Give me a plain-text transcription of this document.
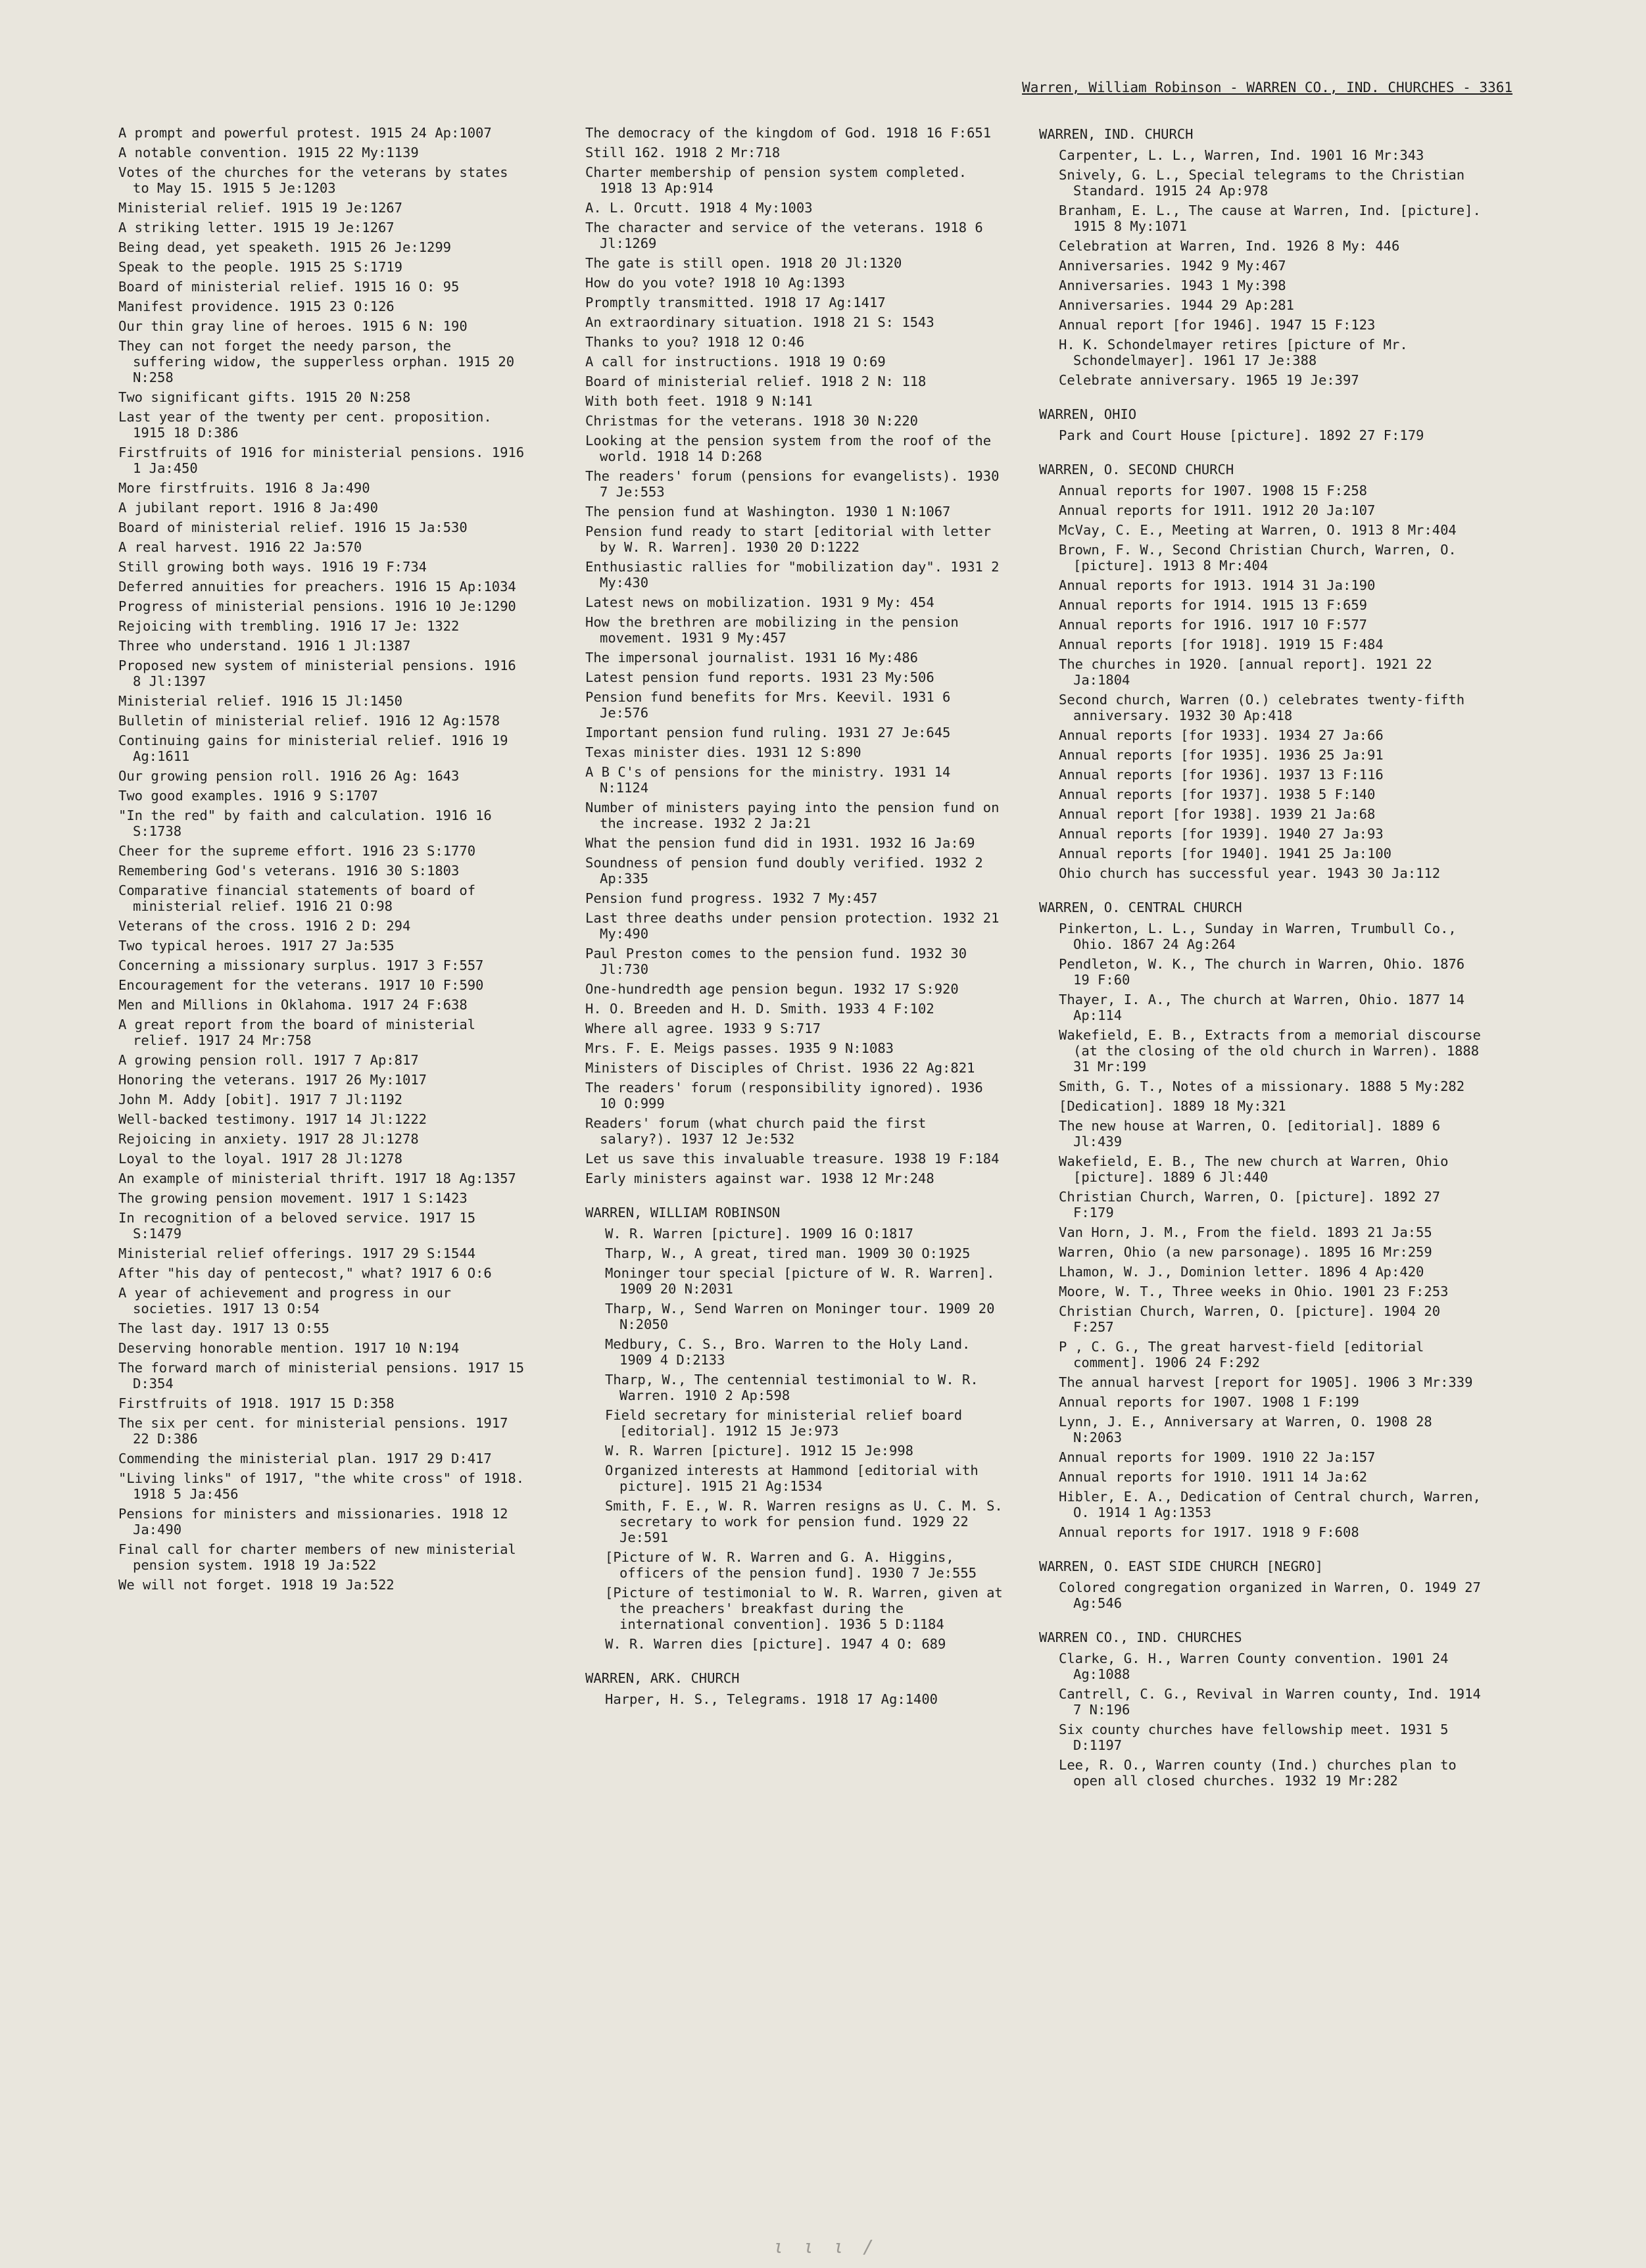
Warren, William Robinson - WARREN CO., IND. CHURCHES - 3361
A prompt and powerful protest. 1915 24 Ap:1007
A notable convention. 1915 22 My:1139
Votes of the churches for the veterans by states to May 15. 1915 5 Je:1203
Ministerial relief. 1915 19 Je:1267
A striking letter. 1915 19 Je:1267
Being dead, yet speaketh. 1915 26 Je:1299
Speak to the people. 1915 25 S:1719
Board of ministerial relief. 1915 16 O: 95
Manifest providence. 1915 23 O:126
Our thin gray line of heroes. 1915 6 N: 190
They can not forget the needy parson, the suffering widow, the supperless orphan. 1915 20 N:258
Two significant gifts. 1915 20 N:258
Last year of the twenty per cent. proposition. 1915 18 D:386
Firstfruits of 1916 for ministerial pensions. 1916 1 Ja:450
More firstfruits. 1916 8 Ja:490
A jubilant report. 1916 8 Ja:490
Board of ministerial relief. 1916 15 Ja:530
A real harvest. 1916 22 Ja:570
Still growing both ways. 1916 19 F:734
Deferred annuities for preachers. 1916 15 Ap:1034
Progress of ministerial pensions. 1916 10 Je:1290
Rejoicing with trembling. 1916 17 Je: 1322
Three who understand. 1916 1 Jl:1387
Proposed new system of ministerial pensions. 1916 8 Jl:1397
Ministerial relief. 1916 15 Jl:1450
Bulletin of ministerial relief. 1916 12 Ag:1578
Continuing gains for ministerial relief. 1916 19 Ag:1611
Our growing pension roll. 1916 26 Ag: 1643
Two good examples. 1916 9 S:1707
"In the red" by faith and calculation. 1916 16 S:1738
Cheer for the supreme effort. 1916 23 S:1770
Remembering God's veterans. 1916 30 S:1803
Comparative financial statements of board of ministerial relief. 1916 21 O:98
Veterans of the cross. 1916 2 D: 294
Two typical heroes. 1917 27 Ja:535
Concerning a missionary surplus. 1917 3 F:557
Encouragement for the veterans. 1917 10 F:590
Men and Millions in Oklahoma. 1917 24 F:638
A great report from the board of ministerial relief. 1917 24 Mr:758
A growing pension roll. 1917 7 Ap:817
Honoring the veterans. 1917 26 My:1017
John M. Addy [obit]. 1917 7 Jl:1192
Well-backed testimony. 1917 14 Jl:1222
Rejoicing in anxiety. 1917 28 Jl:1278
Loyal to the loyal. 1917 28 Jl:1278
An example of ministerial thrift. 1917 18 Ag:1357
The growing pension movement. 1917 1 S:1423
In recognition of a beloved service. 1917 15 S:1479
Ministerial relief offerings. 1917 29 S:1544
After "his day of pentecost," what? 1917 6 O:6
A year of achievement and progress in our societies. 1917 13 O:54
The last day. 1917 13 O:55
Deserving honorable mention. 1917 10 N:194
The forward march of ministerial pensions. 1917 15 D:354
Firstfruits of 1918. 1917 15 D:358
The six per cent. for ministerial pensions. 1917 22 D:386
Commending the ministerial plan. 1917 29 D:417
"Living links" of 1917, "the white cross" of 1918. 1918 5 Ja:456
Pensions for ministers and missionaries. 1918 12 Ja:490
Final call for charter members of new ministerial pension system. 1918 19 Ja:522
We will not forget. 1918 19 Ja:522
The democracy of the kingdom of God. 1918 16 F:651
Still 162. 1918 2 Mr:718
Charter membership of pension system completed. 1918 13 Ap:914
A. L. Orcutt. 1918 4 My:1003
The character and service of the veterans. 1918 6 Jl:1269
The gate is still open. 1918 20 Jl:1320
How do you vote? 1918 10 Ag:1393
Promptly transmitted. 1918 17 Ag:1417
An extraordinary situation. 1918 21 S: 1543
Thanks to you? 1918 12 O:46
A call for instructions. 1918 19 O:69
Board of ministerial relief. 1918 2 N: 118
With both feet. 1918 9 N:141
Christmas for the veterans. 1918 30 N:220
Looking at the pension system from the roof of the world. 1918 14 D:268
The readers' forum (pensions for evangelists). 1930 7 Je:553
The pension fund at Washington. 1930 1 N:1067
Pension fund ready to start [editorial with letter by W. R. Warren]. 1930 20 D:1222
Enthusiastic rallies for "mobilization day". 1931 2 My:430
Latest news on mobilization. 1931 9 My: 454
How the brethren are mobilizing in the pension movement. 1931 9 My:457
The impersonal journalist. 1931 16 My:486
Latest pension fund reports. 1931 23 My:506
Pension fund benefits for Mrs. Keevil. 1931 6 Je:576
Important pension fund ruling. 1931 27 Je:645
Texas minister dies. 1931 12 S:890
A B C's of pensions for the ministry. 1931 14 N:1124
Number of ministers paying into the pension fund on the increase. 1932 2 Ja:21
What the pension fund did in 1931. 1932 16 Ja:69
Soundness of pension fund doubly verified. 1932 2 Ap:335
Pension fund progress. 1932 7 My:457
Last three deaths under pension protection. 1932 21 My:490
Paul Preston comes to the pension fund. 1932 30 Jl:730
One-hundredth age pension begun. 1932 17 S:920
H. O. Breeden and H. D. Smith. 1933 4 F:102
Where all agree. 1933 9 S:717
Mrs. F. E. Meigs passes. 1935 9 N:1083
Ministers of Disciples of Christ. 1936 22 Ag:821
The readers' forum (responsibility ignored). 1936 10 O:999
Readers' forum (what church paid the first salary?). 1937 12 Je:532
Let us save this invaluable treasure. 1938 19 F:184
Early ministers against war. 1938 12 Mr:248
WARREN, WILLIAM ROBINSON
W. R. Warren [picture]. 1909 16 O:1817
Tharp, W., A great, tired man. 1909 30 O:1925
Moninger tour special [picture of W. R. Warren]. 1909 20 N:2031
Tharp, W., Send Warren on Moninger tour. 1909 20 N:2050
Medbury, C. S., Bro. Warren to the Holy Land. 1909 4 D:2133
Tharp, W., The centennial testimonial to W. R. Warren. 1910 2 Ap:598
Field secretary for ministerial relief board [editorial]. 1912 15 Je:973
W. R. Warren [picture]. 1912 15 Je:998
Organized interests at Hammond [editorial with picture]. 1915 21 Ag:1534
Smith, F. E., W. R. Warren resigns as U. C. M. S. secretary to work for pension fund. 1929 22 Je:591
[Picture of W. R. Warren and G. A. Higgins, officers of the pension fund]. 1930 7 Je:555
[Picture of testimonial to W. R. Warren, given at the preachers' breakfast during the international convention]. 1936 5 D:1184
W. R. Warren dies [picture]. 1947 4 O: 689
WARREN, ARK. CHURCH
Harper, H. S., Telegrams. 1918 17 Ag:1400
WARREN, IND. CHURCH
Carpenter, L. L., Warren, Ind. 1901 16 Mr:343
Snively, G. L., Special telegrams to the Christian Standard. 1915 24 Ap:978
Branham, E. L., The cause at Warren, Ind. [picture]. 1915 8 My:1071
Celebration at Warren, Ind. 1926 8 My: 446
Anniversaries. 1942 9 My:467
Anniversaries. 1943 1 My:398
Anniversaries. 1944 29 Ap:281
Annual report [for 1946]. 1947 15 F:123
H. K. Schondelmayer retires [picture of Mr. Schondelmayer]. 1961 17 Je:388
Celebrate anniversary. 1965 19 Je:397
WARREN, OHIO
Park and Court House [picture]. 1892 27 F:179
WARREN, O. SECOND CHURCH
Annual reports for 1907. 1908 15 F:258
Annual reports for 1911. 1912 20 Ja:107
McVay, C. E., Meeting at Warren, O. 1913 8 Mr:404
Brown, F. W., Second Christian Church, Warren, O. [picture]. 1913 8 Mr:404
Annual reports for 1913. 1914 31 Ja:190
Annual reports for 1914. 1915 13 F:659
Annual reports for 1916. 1917 10 F:577
Annual reports [for 1918]. 1919 15 F:484
The churches in 1920. [annual report]. 1921 22 Ja:1804
Second church, Warren (O.) celebrates twenty-fifth anniversary. 1932 30 Ap:418
Annual reports [for 1933]. 1934 27 Ja:66
Annual reports [for 1935]. 1936 25 Ja:91
Annual reports [for 1936]. 1937 13 F:116
Annual reports [for 1937]. 1938 5 F:140
Annual report [for 1938]. 1939 21 Ja:68
Annual reports [for 1939]. 1940 27 Ja:93
Annual reports [for 1940]. 1941 25 Ja:100
Ohio church has successful year. 1943 30 Ja:112
WARREN, O. CENTRAL CHURCH
Pinkerton, L. L., Sunday in Warren, Trumbull Co., Ohio. 1867 24 Ag:264
Pendleton, W. K., The church in Warren, Ohio. 1876 19 F:60
Thayer, I. A., The church at Warren, Ohio. 1877 14 Ap:114
Wakefield, E. B., Extracts from a memorial discourse (at the closing of the old church in Warren). 1888 31 Mr:199
Smith, G. T., Notes of a missionary. 1888 5 My:282
[Dedication]. 1889 18 My:321
The new house at Warren, O. [editorial]. 1889 6 Jl:439
Wakefield, E. B., The new church at Warren, Ohio [picture]. 1889 6 Jl:440
Christian Church, Warren, O. [picture]. 1892 27 F:179
Van Horn, J. M., From the field. 1893 21 Ja:55
Warren, Ohio (a new parsonage). 1895 16 Mr:259
Lhamon, W. J., Dominion letter. 1896 4 Ap:420
Moore, W. T., Three weeks in Ohio. 1901 23 F:253
Christian Church, Warren, O. [picture]. 1904 20 F:257
P , C. G., The great harvest-field [editorial comment]. 1906 24 F:292
The annual harvest [report for 1905]. 1906 3 Mr:339
Annual reports for 1907. 1908 1 F:199
Lynn, J. E., Anniversary at Warren, O. 1908 28 N:2063
Annual reports for 1909. 1910 22 Ja:157
Annual reports for 1910. 1911 14 Ja:62
Hibler, E. A., Dedication of Central church, Warren, O. 1914 1 Ag:1353
Annual reports for 1917. 1918 9 F:608
WARREN, O. EAST SIDE CHURCH [NEGRO]
Colored congregation organized in Warren, O. 1949 27 Ag:546
WARREN CO., IND. CHURCHES
Clarke, G. H., Warren County convention. 1901 24 Ag:1088
Cantrell, C. G., Revival in Warren county, Ind. 1914 7 N:196
Six county churches have fellowship meet. 1931 5 D:1197
Lee, R. O., Warren county (Ind.) churches plan to open all closed churches. 1932 19 Mr:282
ι ι ι /
